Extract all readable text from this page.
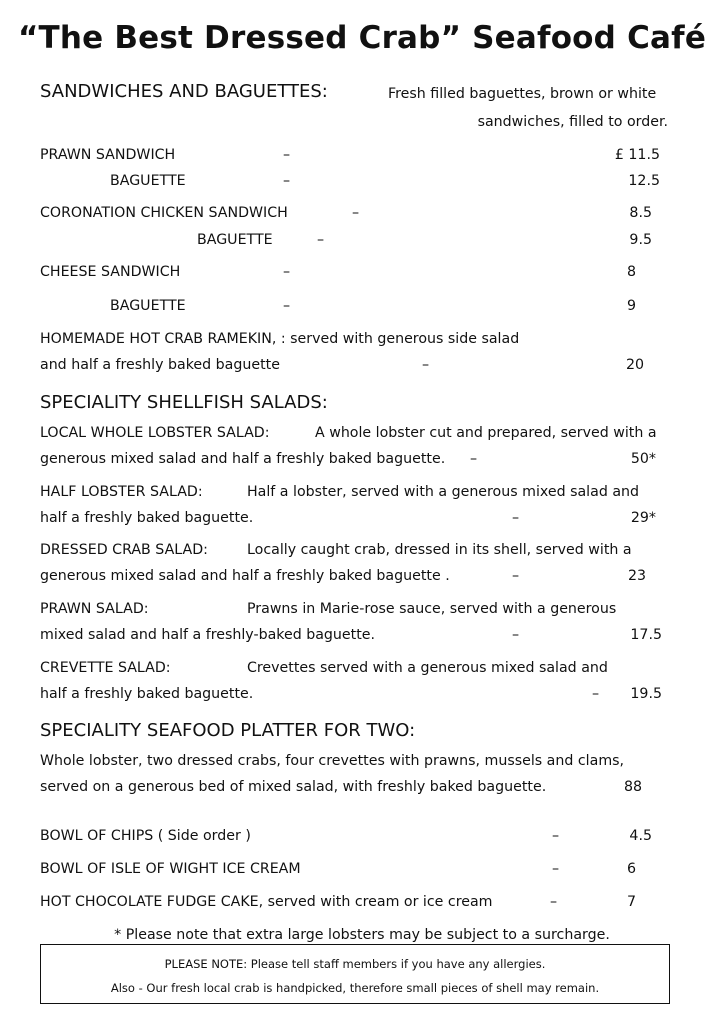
“The Best Dressed Crab” Seafood Café
SANDWICHES AND BAGUETTES:	Fresh filled baguettes, brown or white
sandwiches, filled to order.
PRAWN SANDWICH	–	£ 11.5
BAGUETTE	–	12.5
CORONATION CHICKEN SANDWICH	–	8.5
BAGUETTE	–	9.5
CHEESE SANDWICH	–	8
BAGUETTE	–	9
HOMEMADE HOT CRAB RAMEKIN, : served with generous side salad
and half a freshly baked baguette	–	20
SPECIALITY SHELLFISH SALADS:
LOCAL WHOLE LOBSTER SALAD:	A whole lobster cut and prepared, served with a
generous mixed salad and half a freshly baked baguette. –	50*
HALF LOBSTER SALAD:	Half a lobster, served with a generous mixed salad and
half a freshly baked baguette.	–	29*
DRESSED CRAB SALAD:	Locally caught crab, dressed in its shell, served with a
generous mixed salad and half a freshly baked baguette .	–	23
PRAWN SALAD:	Prawns in Marie-rose sauce, served with a generous
mixed salad and half a freshly-baked baguette.	–	17.5
CREVETTE SALAD:	Crevettes served with a generous mixed salad and
half a freshly baked baguette.	– 19.5
SPECIALITY SEAFOOD PLATTER FOR TWO:
Whole lobster, two dressed crabs, four crevettes with prawns, mussels and clams,
served on a generous bed of mixed salad, with freshly baked baguette.	88
BOWL OF CHIPS ( Side order )	–	4.5
BOWL OF ISLE OF WIGHT ICE CREAM	–	6
HOT CHOCOLATE FUDGE CAKE, served with cream or ice cream	–	7
* Please note that extra large lobsters may be subject to a surcharge.
PLEASE NOTE: Please tell staff members if you have any allergies.
Also - Our fresh local crab is handpicked, therefore small pieces of shell may remain.
